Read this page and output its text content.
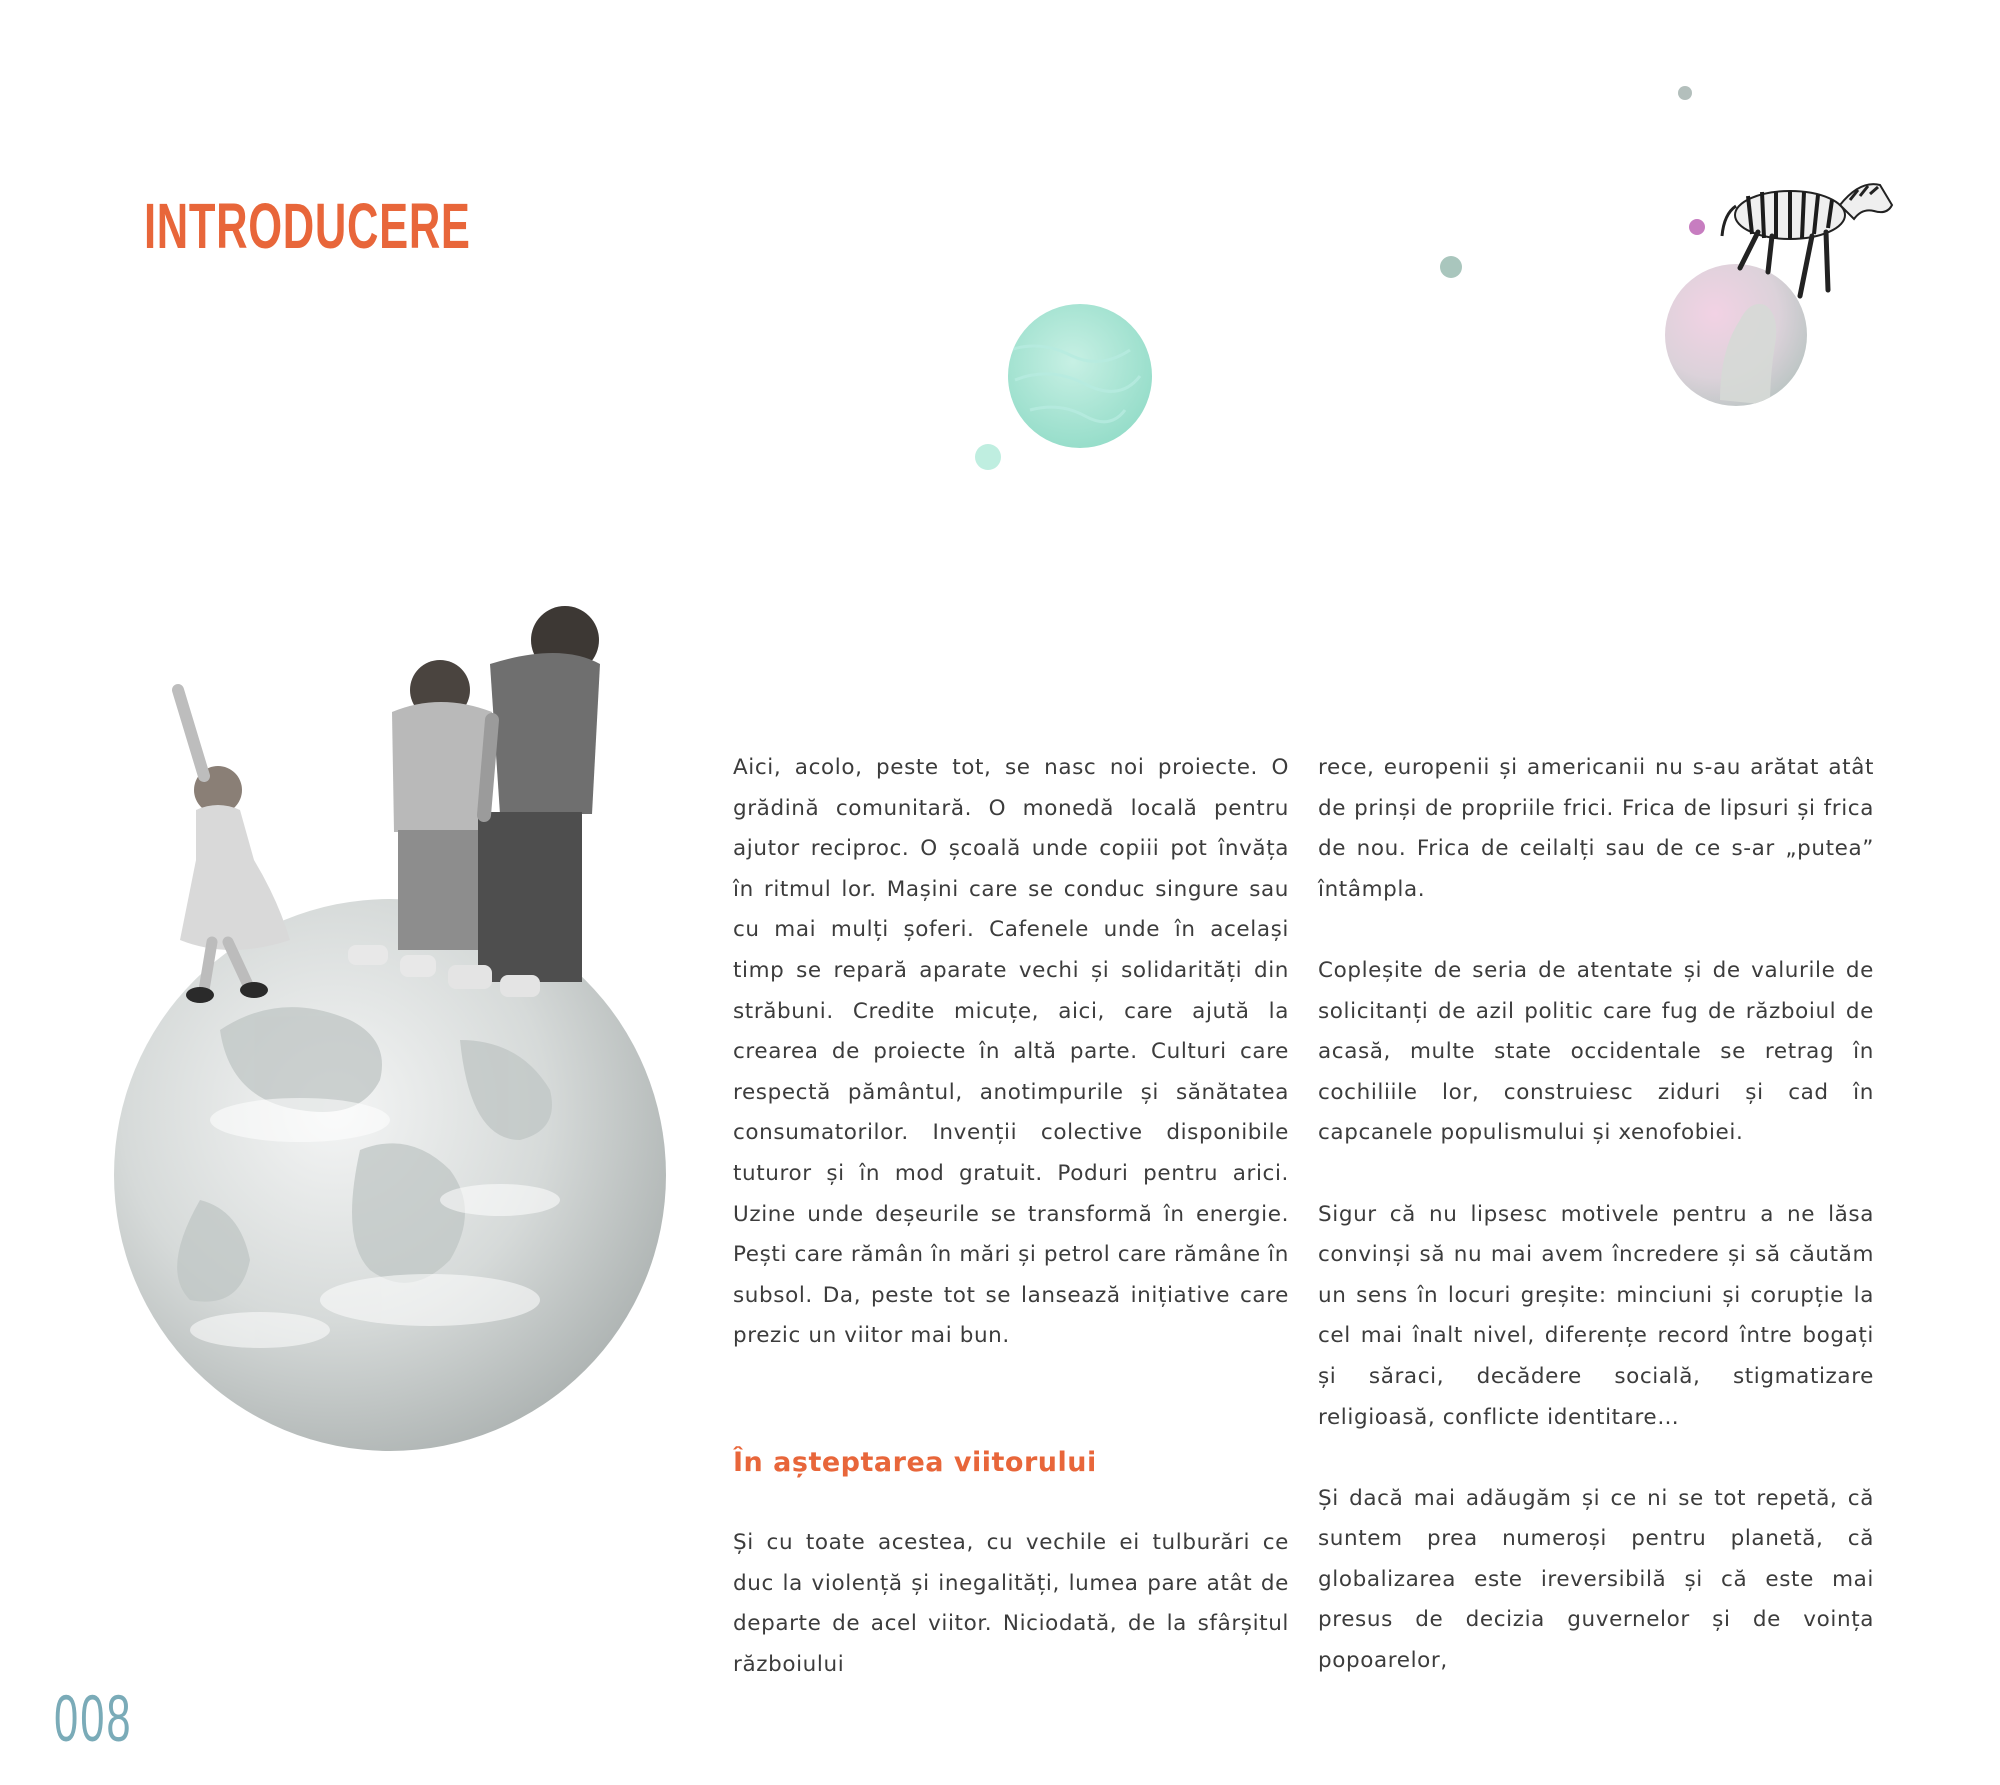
INTRODUCERE

Aici, acolo, peste tot, se nasc noi proiecte. O grădină comunitară. O monedă locală pentru ajutor reciproc. O școală unde copiii pot învăța în ritmul lor. Mașini care se conduc singure sau cu mai mulți șoferi. Cafenele unde în același timp se repară aparate vechi și solidarități din străbuni. Credite micuțe, aici, care ajută la crearea de proiecte în altă parte. Culturi care respectă pământul, anotimpurile și sănătatea consumatorilor. Invenții colective disponibile tuturor și în mod gratuit. Poduri pentru arici. Uzine unde deșeurile se transformă în energie. Pești care rămân în mări și petrol care rămâne în subsol. Da, peste tot se lansează inițiative care prezic un viitor mai bun.

În așteptarea viitorului

Și cu toate acestea, cu vechile ei tulburări ce duc la violență și inegalități, lumea pare atât de departe de acel viitor. Niciodată, de la sfârșitul războiului

rece, europenii și americanii nu s-au arătat atât de prinși de propriile frici. Frica de lipsuri și frica de nou. Frica de ceilalți sau de ce s-ar „putea” întâmpla.

Copleșite de seria de atentate și de valurile de solicitanți de azil politic care fug de războiul de acasă, multe state occidentale se retrag în cochiliile lor, construiesc ziduri și cad în capcanele populismului și xenofobiei.

Sigur că nu lipsesc motivele pentru a ne lăsa convinși să nu mai avem încredere și să căutăm un sens în locuri greșite: minciuni și corupție la cel mai înalt nivel, diferențe record între bogați și săraci, decădere socială, stigmatizare religioasă, conflicte identitare…

Și dacă mai adăugăm și ce ni se tot repetă, că suntem prea numeroși pentru planetă, că globalizarea este ireversibilă și că este mai presus de decizia guvernelor și de voința popoarelor,

008
